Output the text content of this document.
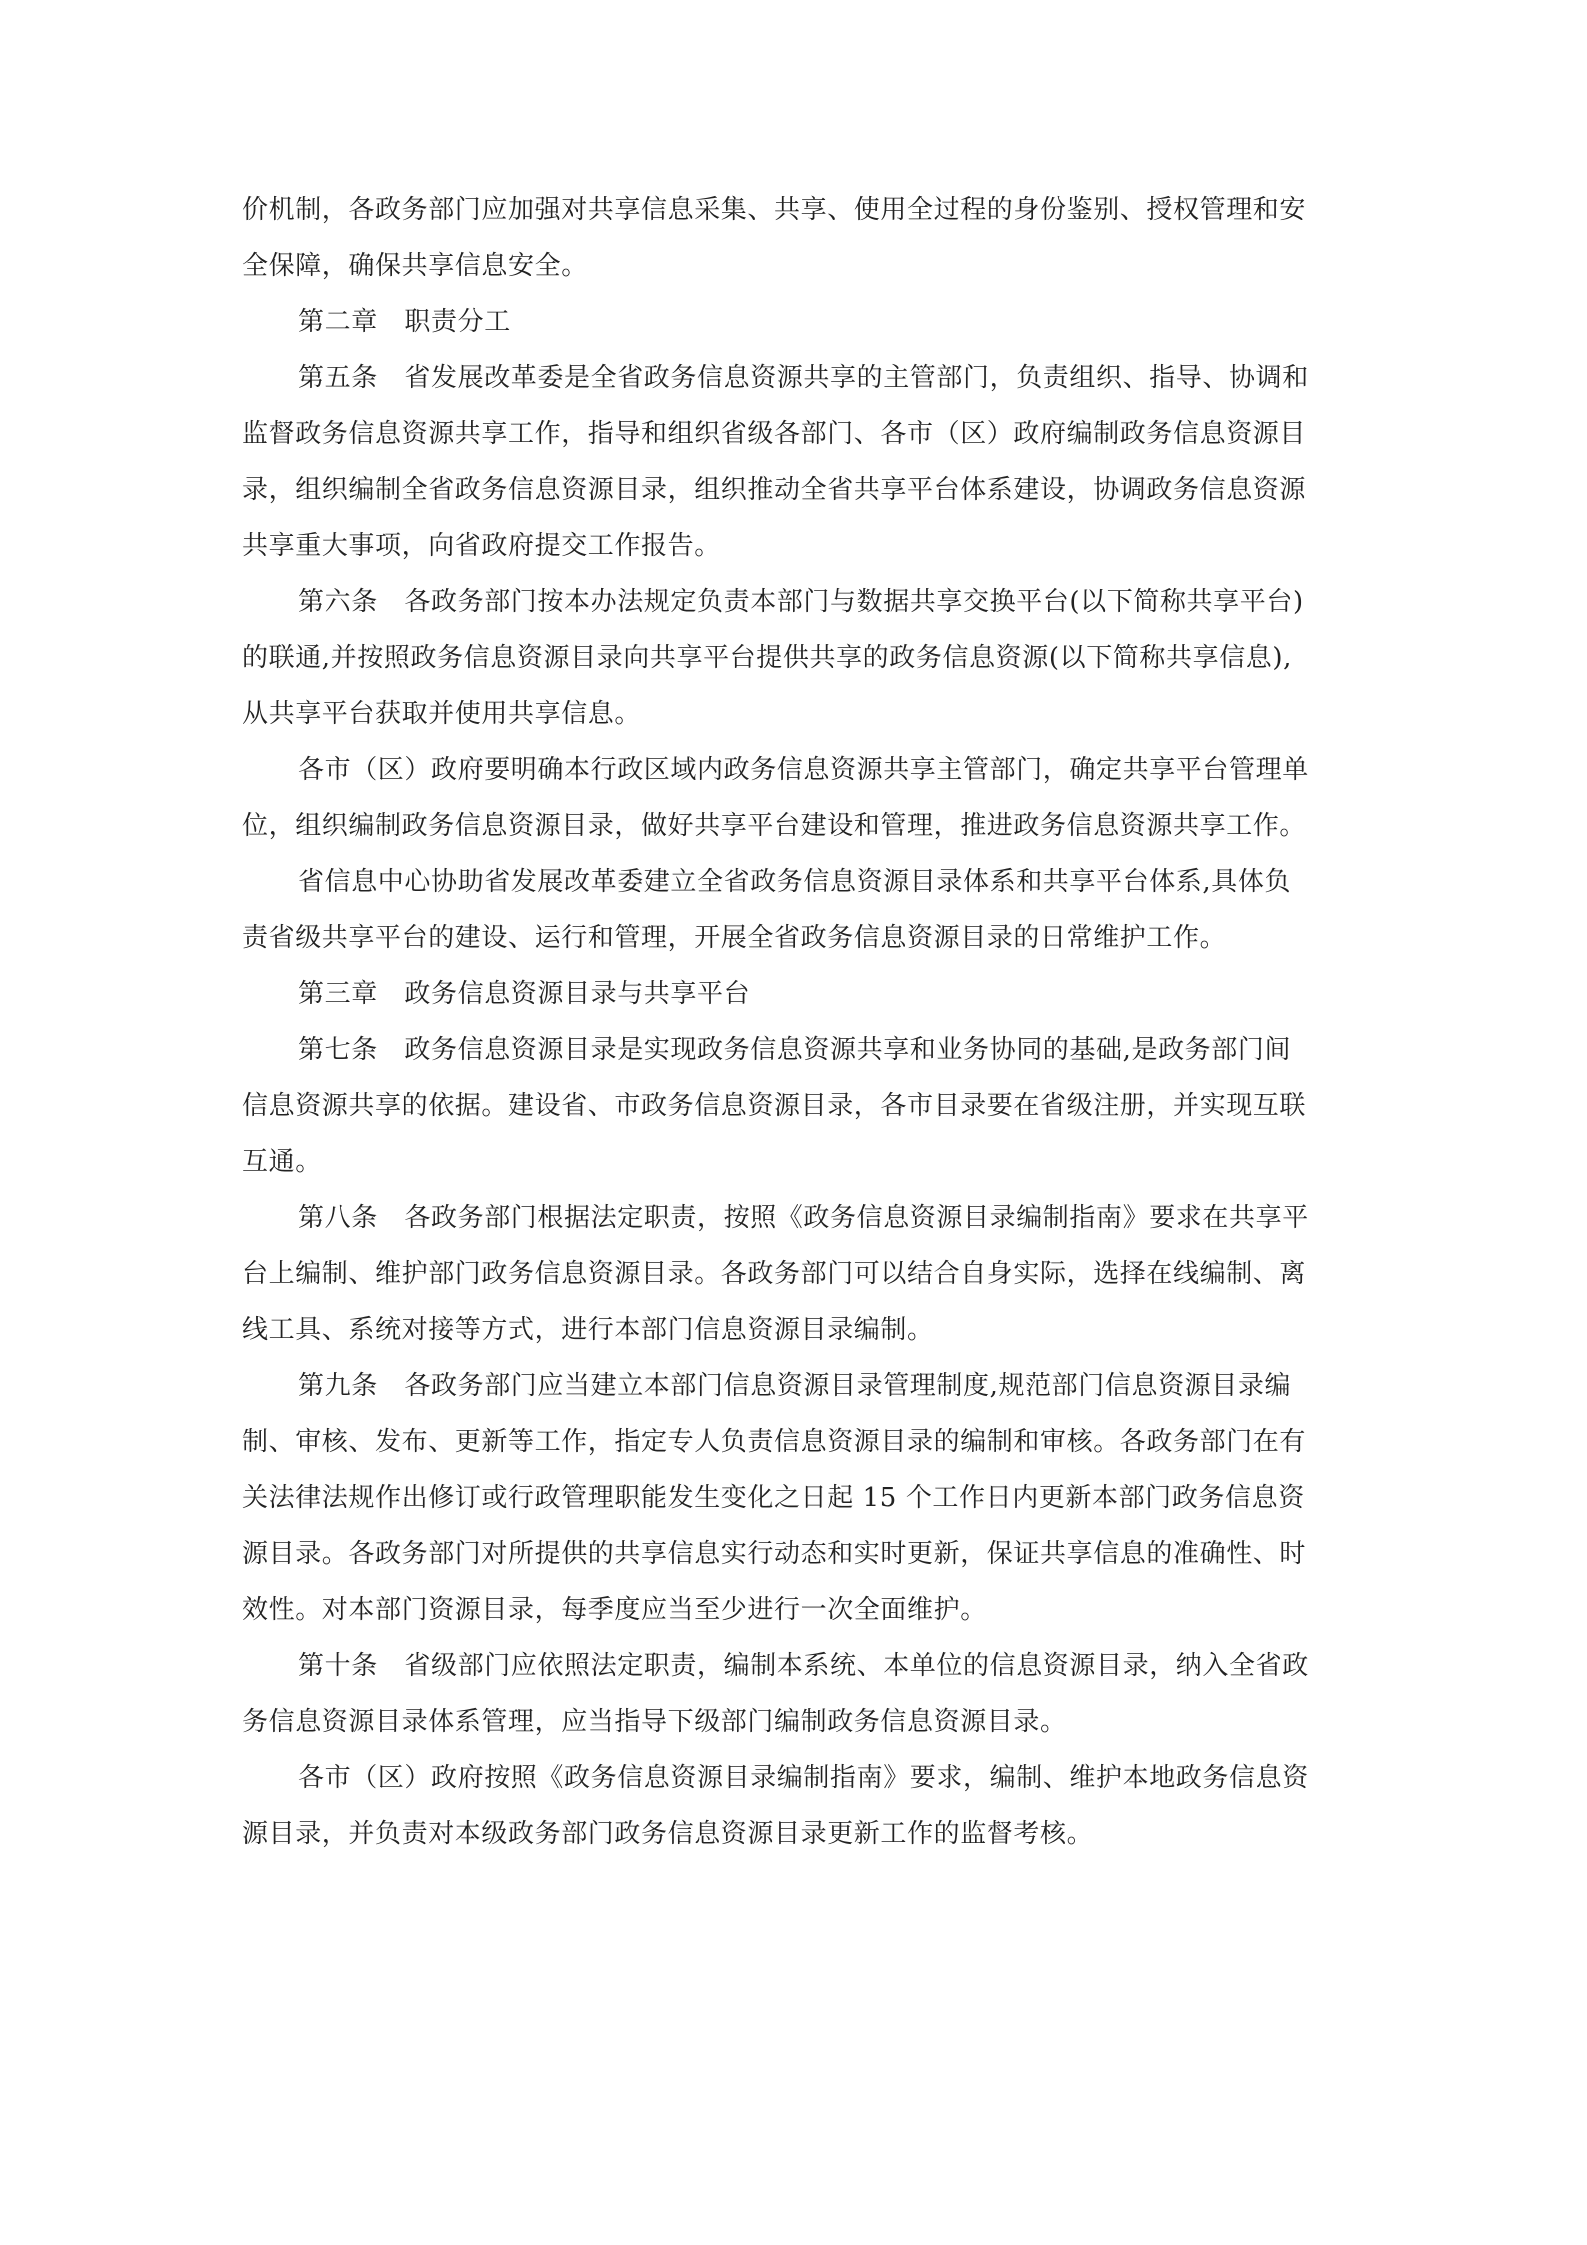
价机制，各政务部门应加强对共享信息采集、共享、使用全过程的身份鉴别、授权管理和安
全保障，确保共享信息安全。
第二章　职责分工
第五条　省发展改革委是全省政务信息资源共享的主管部门，负责组织、指导、协调和
监督政务信息资源共享工作，指导和组织省级各部门、各市（区）政府编制政务信息资源目
录，组织编制全省政务信息资源目录，组织推动全省共享平台体系建设，协调政务信息资源
共享重大事项，向省政府提交工作报告。
第六条　各政务部门按本办法规定负责本部门与数据共享交换平台(以下简称共享平台)
的联通,并按照政务信息资源目录向共享平台提供共享的政务信息资源(以下简称共享信息),
从共享平台获取并使用共享信息。
各市（区）政府要明确本行政区域内政务信息资源共享主管部门，确定共享平台管理单
位，组织编制政务信息资源目录，做好共享平台建设和管理，推进政务信息资源共享工作。
省信息中心协助省发展改革委建立全省政务信息资源目录体系和共享平台体系,具体负
责省级共享平台的建设、运行和管理，开展全省政务信息资源目录的日常维护工作。
第三章　政务信息资源目录与共享平台
第七条　政务信息资源目录是实现政务信息资源共享和业务协同的基础,是政务部门间
信息资源共享的依据。建设省、市政务信息资源目录，各市目录要在省级注册，并实现互联
互通。
第八条　各政务部门根据法定职责，按照《政务信息资源目录编制指南》要求在共享平
台上编制、维护部门政务信息资源目录。各政务部门可以结合自身实际，选择在线编制、离
线工具、系统对接等方式，进行本部门信息资源目录编制。
第九条　各政务部门应当建立本部门信息资源目录管理制度,规范部门信息资源目录编
制、审核、发布、更新等工作，指定专人负责信息资源目录的编制和审核。各政务部门在有
关法律法规作出修订或行政管理职能发生变化之日起 15 个工作日内更新本部门政务信息资
源目录。各政务部门对所提供的共享信息实行动态和实时更新，保证共享信息的准确性、时
效性。对本部门资源目录，每季度应当至少进行一次全面维护。
第十条　省级部门应依照法定职责，编制本系统、本单位的信息资源目录，纳入全省政
务信息资源目录体系管理，应当指导下级部门编制政务信息资源目录。
各市（区）政府按照《政务信息资源目录编制指南》要求，编制、维护本地政务信息资
源目录，并负责对本级政务部门政务信息资源目录更新工作的监督考核。
